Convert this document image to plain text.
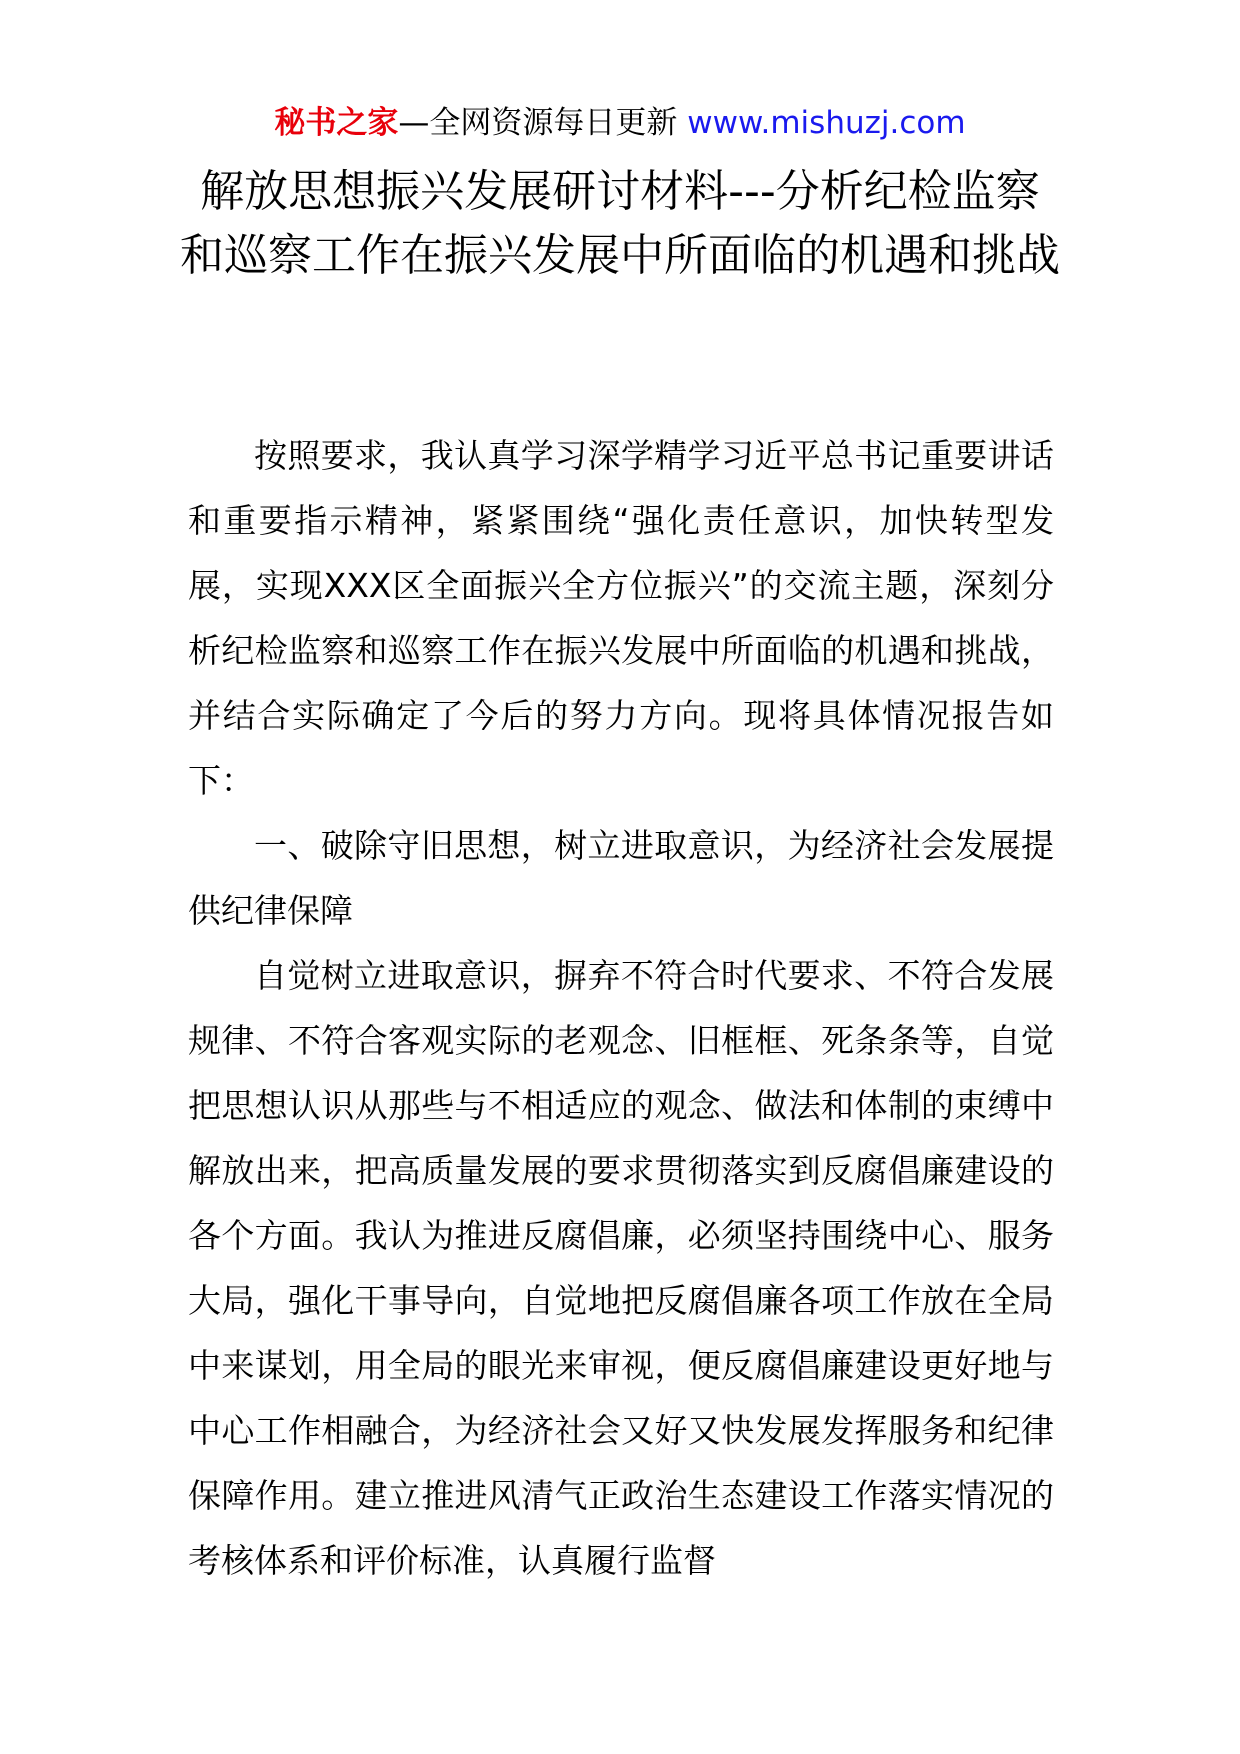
秘书之家—全网资源每日更新 www.mishuzj.com
解放思想振兴发展研讨材料---分析纪检监察和巡察工作在振兴发展中所面临的机遇和挑战

按照要求，我认真学习深学精学习近平总书记重要讲话和重要指示精神，紧紧围绕“强化责任意识，加快转型发展，实现XXX区全面振兴全方位振兴”的交流主题，深刻分析纪检监察和巡察工作在振兴发展中所面临的机遇和挑战，并结合实际确定了今后的努力方向。现将具体情况报告如下：

一、破除守旧思想，树立进取意识，为经济社会发展提供纪律保障

自觉树立进取意识，摒弃不符合时代要求、不符合发展规律、不符合客观实际的老观念、旧框框、死条条等，自觉把思想认识从那些与不相适应的观念、做法和体制的束缚中解放出来，把高质量发展的要求贯彻落实到反腐倡廉建设的各个方面。我认为推进反腐倡廉，必须坚持围绕中心、服务大局，强化干事导向，自觉地把反腐倡廉各项工作放在全局中来谋划，用全局的眼光来审视，便反腐倡廉建设更好地与中心工作相融合，为经济社会又好又快发展发挥服务和纪律保障作用。建立推进风清气正政治生态建设工作落实情况的考核体系和评价标准，认真履行监督
